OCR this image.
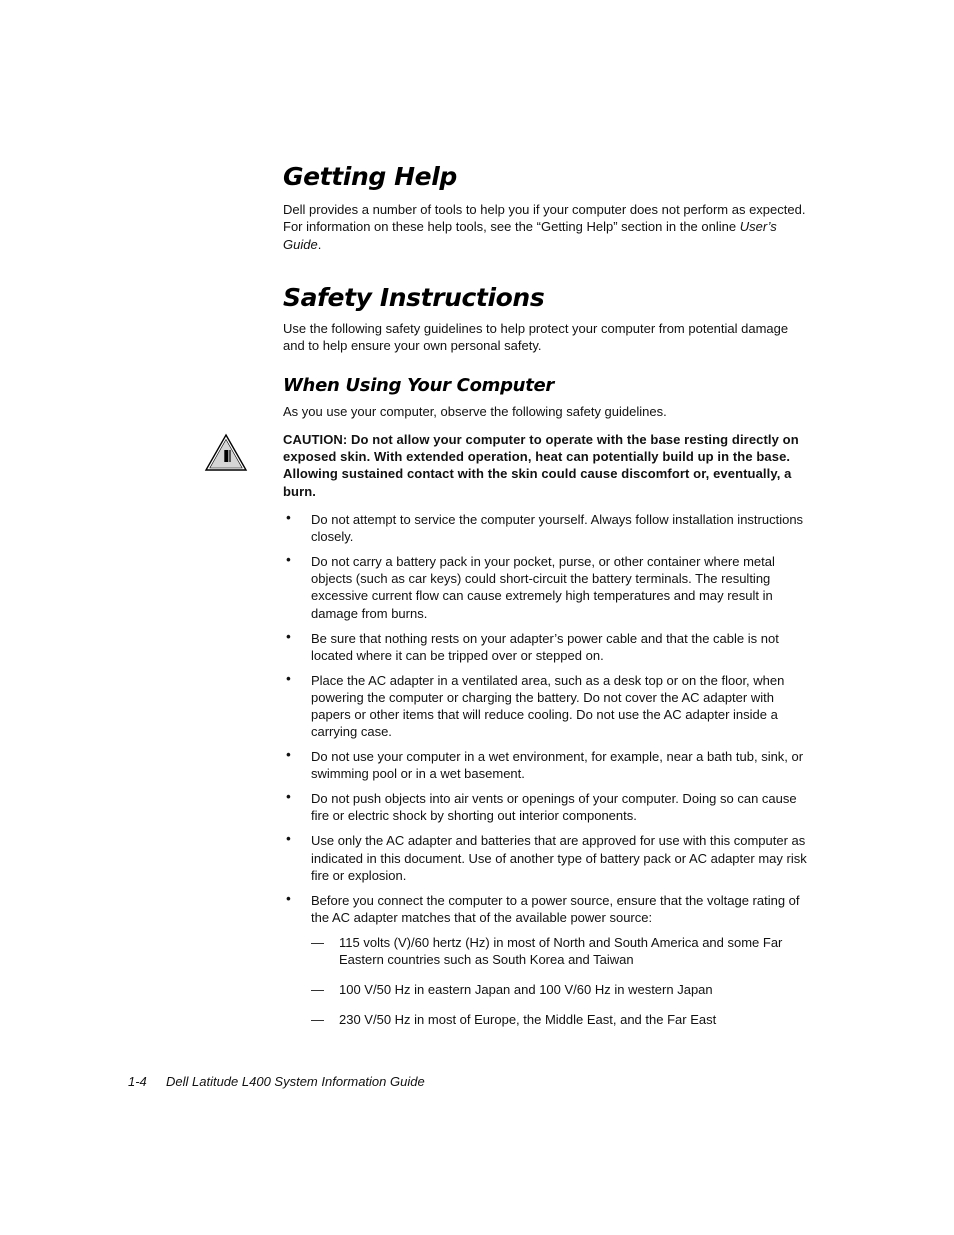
Getting Help

Dell provides a number of tools to help you if your computer does not perform as expected. For information on these help tools, see the “Getting Help” section in the online User’s Guide.

Safety Instructions

Use the following safety guidelines to help protect your computer from potential damage and to help ensure your own personal safety.

When Using Your Computer

As you use your computer, observe the following safety guidelines.

CAUTION: Do not allow your computer to operate with the base resting directly on exposed skin. With extended operation, heat can potentially build up in the base. Allowing sustained contact with the skin could cause discomfort or, eventually, a burn.
• Do not attempt to service the computer yourself. Always follow installation instructions closely.
• Do not carry a battery pack in your pocket, purse, or other container where metal objects (such as car keys) could short-circuit the battery terminals. The resulting excessive current flow can cause extremely high temperatures and may result in damage from burns.
• Be sure that nothing rests on your adapter’s power cable and that the cable is not located where it can be tripped over or stepped on.
• Place the AC adapter in a ventilated area, such as a desk top or on the floor, when powering the computer or charging the battery. Do not cover the AC adapter with papers or other items that will reduce cooling. Do not use the AC adapter inside a carrying case.
• Do not use your computer in a wet environment, for example, near a bath tub, sink, or swimming pool or in a wet basement.
• Do not push objects into air vents or openings of your computer. Doing so can cause fire or electric shock by shorting out interior components.
• Use only the AC adapter and batteries that are approved for use with this computer as indicated in this document. Use of another type of battery pack or AC adapter may risk fire or explosion.
• Before you connect the computer to a power source, ensure that the voltage rating of the AC adapter matches that of the available power source:
— 115 volts (V)/60 hertz (Hz) in most of North and South America and some Far Eastern countries such as South Korea and Taiwan
— 100 V/50 Hz in eastern Japan and 100 V/60 Hz in western Japan
— 230 V/50 Hz in most of Europe, the Middle East, and the Far East
1-4 Dell Latitude L400 System Information Guide
